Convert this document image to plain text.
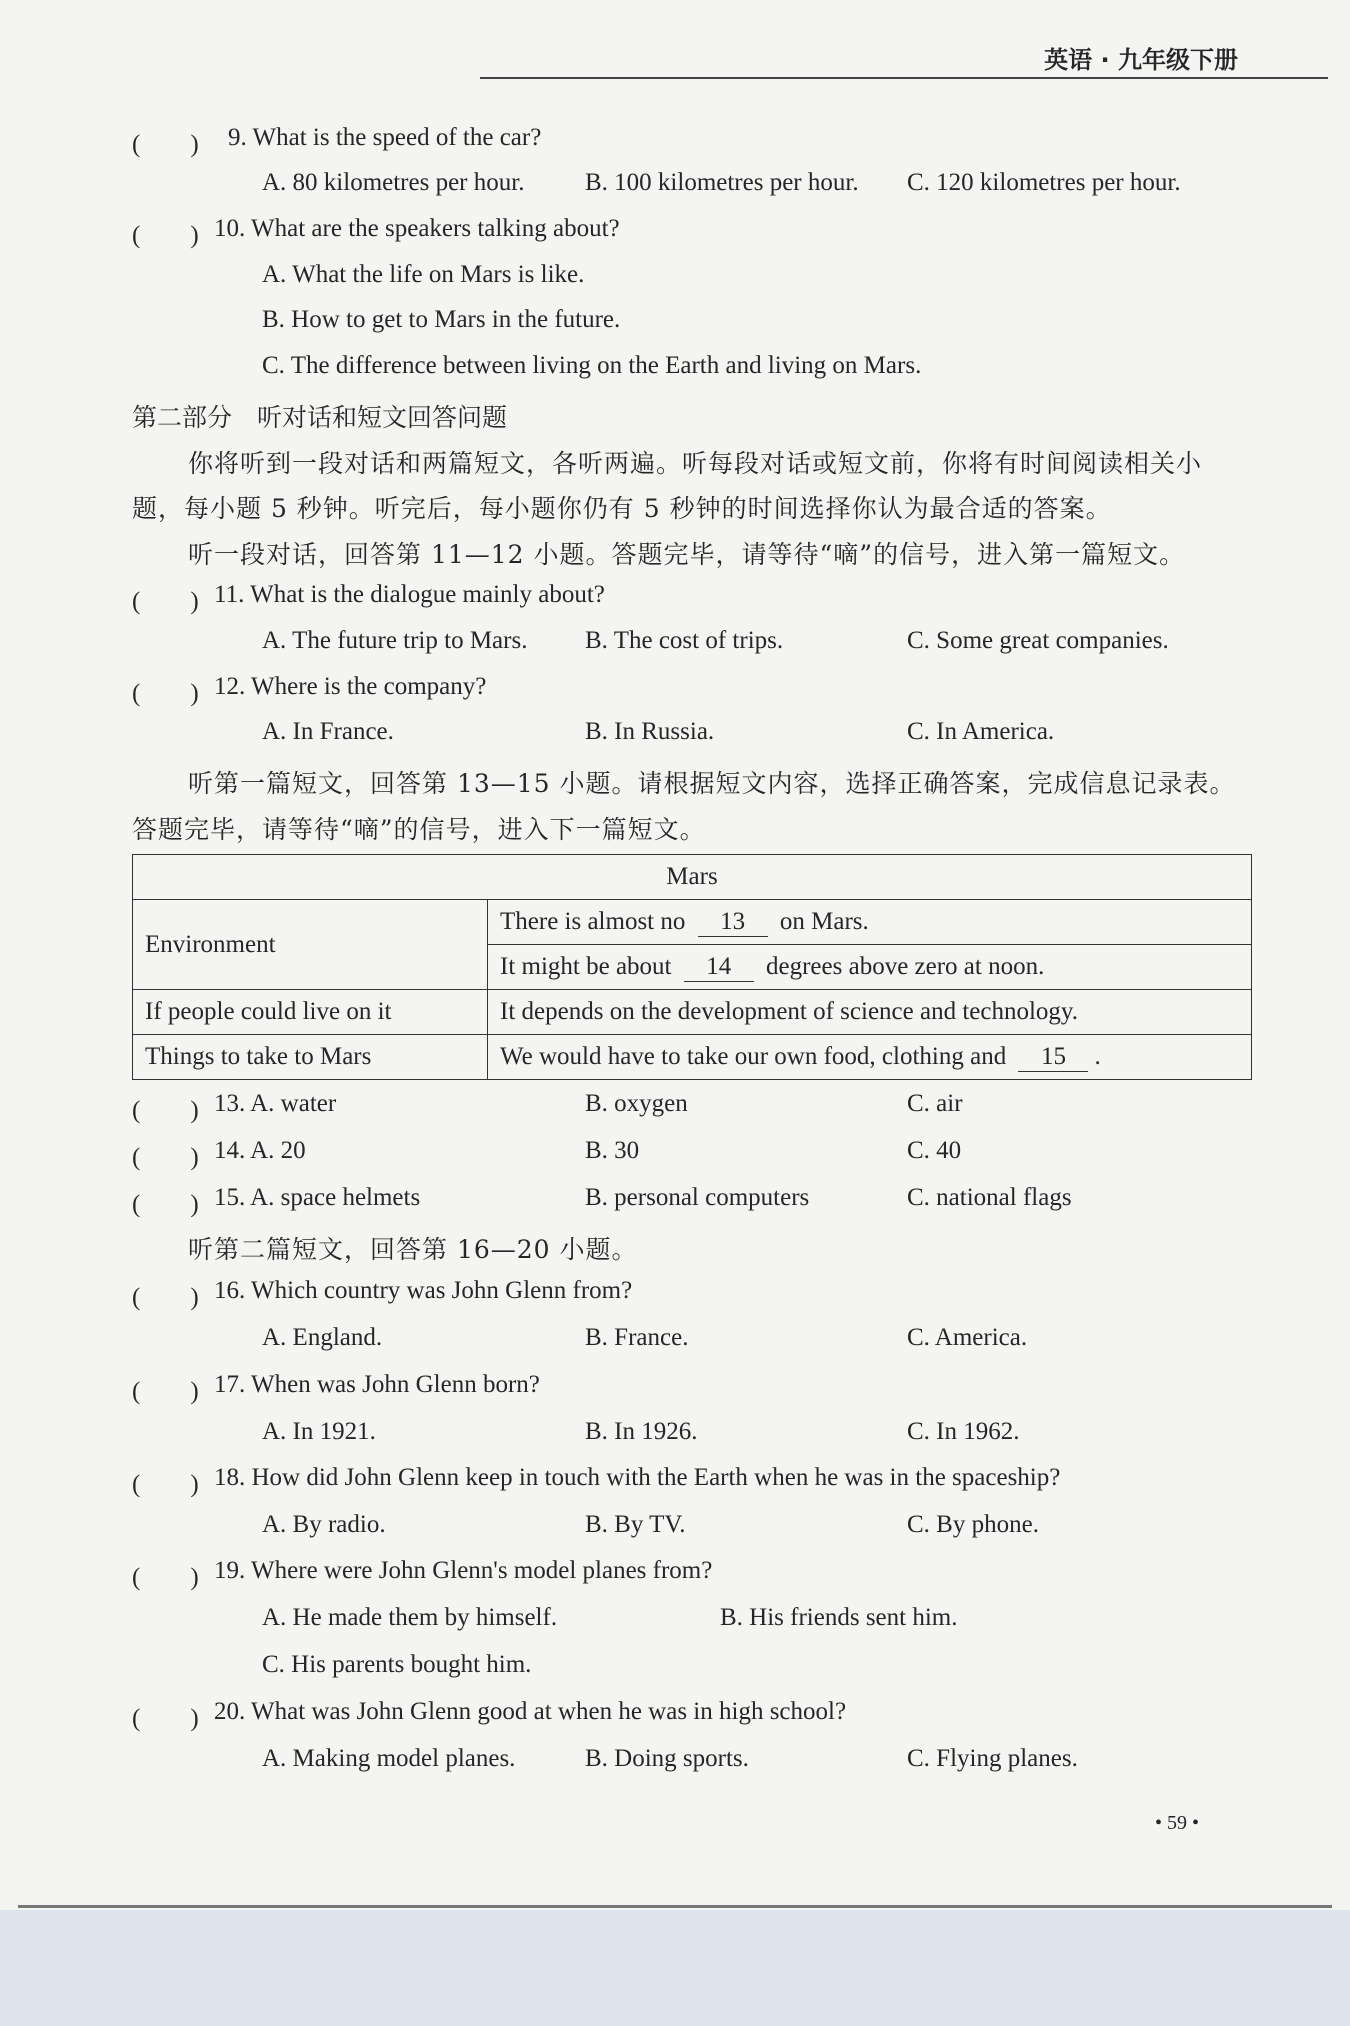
英语 · 九年级下册
(　　) 9. What is the speed of the car?
A. 80 kilometres per hour. B. 100 kilometres per hour. C. 120 kilometres per hour.
(　　) 10. What are the speakers talking about?
A. What the life on Mars is like.
B. How to get to Mars in the future.
C. The difference between living on the Earth and living on Mars.
第二部分　听对话和短文回答问题
你将听到一段对话和两篇短文，各听两遍。听每段对话或短文前，你将有时间阅读相关小
题，每小题 5 秒钟。听完后，每小题你仍有 5 秒钟的时间选择你认为最合适的答案。
听一段对话，回答第 11—12 小题。答题完毕，请等待“嘀”的信号，进入第一篇短文。
(　　) 11. What is the dialogue mainly about?
A. The future trip to Mars. B. The cost of trips.	C. Some great companies.
(　　) 12. Where is the company?
A. In France.	B. In Russia.	C. In America.
听第一篇短文，回答第 13—15 小题。请根据短文内容，选择正确答案，完成信息记录表。
答题完毕，请等待“嘀”的信号，进入下一篇短文。
Mars	
Environment	There is almost no 13 on Mars.
	It might be about 14 degrees above zero at noon.
If people could live on it	It depends on the development of science and technology.
Things to take to Mars	We would have to take our own food, clothing and 15 .
(　　) 13. A. water	B. oxygen	C. air
(　　) 14. A. 20	B. 30	C. 40
(　　) 15. A. space helmets	B. personal computers	C. national flags
听第二篇短文，回答第 16—20 小题。
(　　) 16. Which country was John Glenn from?
A. England.	B. France.	C. America.
(　　) 17. When was John Glenn born?
A. In 1921.	B. In 1926.	C. In 1962.
(　　) 18. How did John Glenn keep in touch with the Earth when he was in the spaceship?
A. By radio.	B. By TV.	C. By phone.
(　　) 19. Where were John Glenn's model planes from?
A. He made them by himself.	B. His friends sent him.
C. His parents bought him.
(　　) 20. What was John Glenn good at when he was in high school?
A. Making model planes.	B. Doing sports.	C. Flying planes.
• 59 •
